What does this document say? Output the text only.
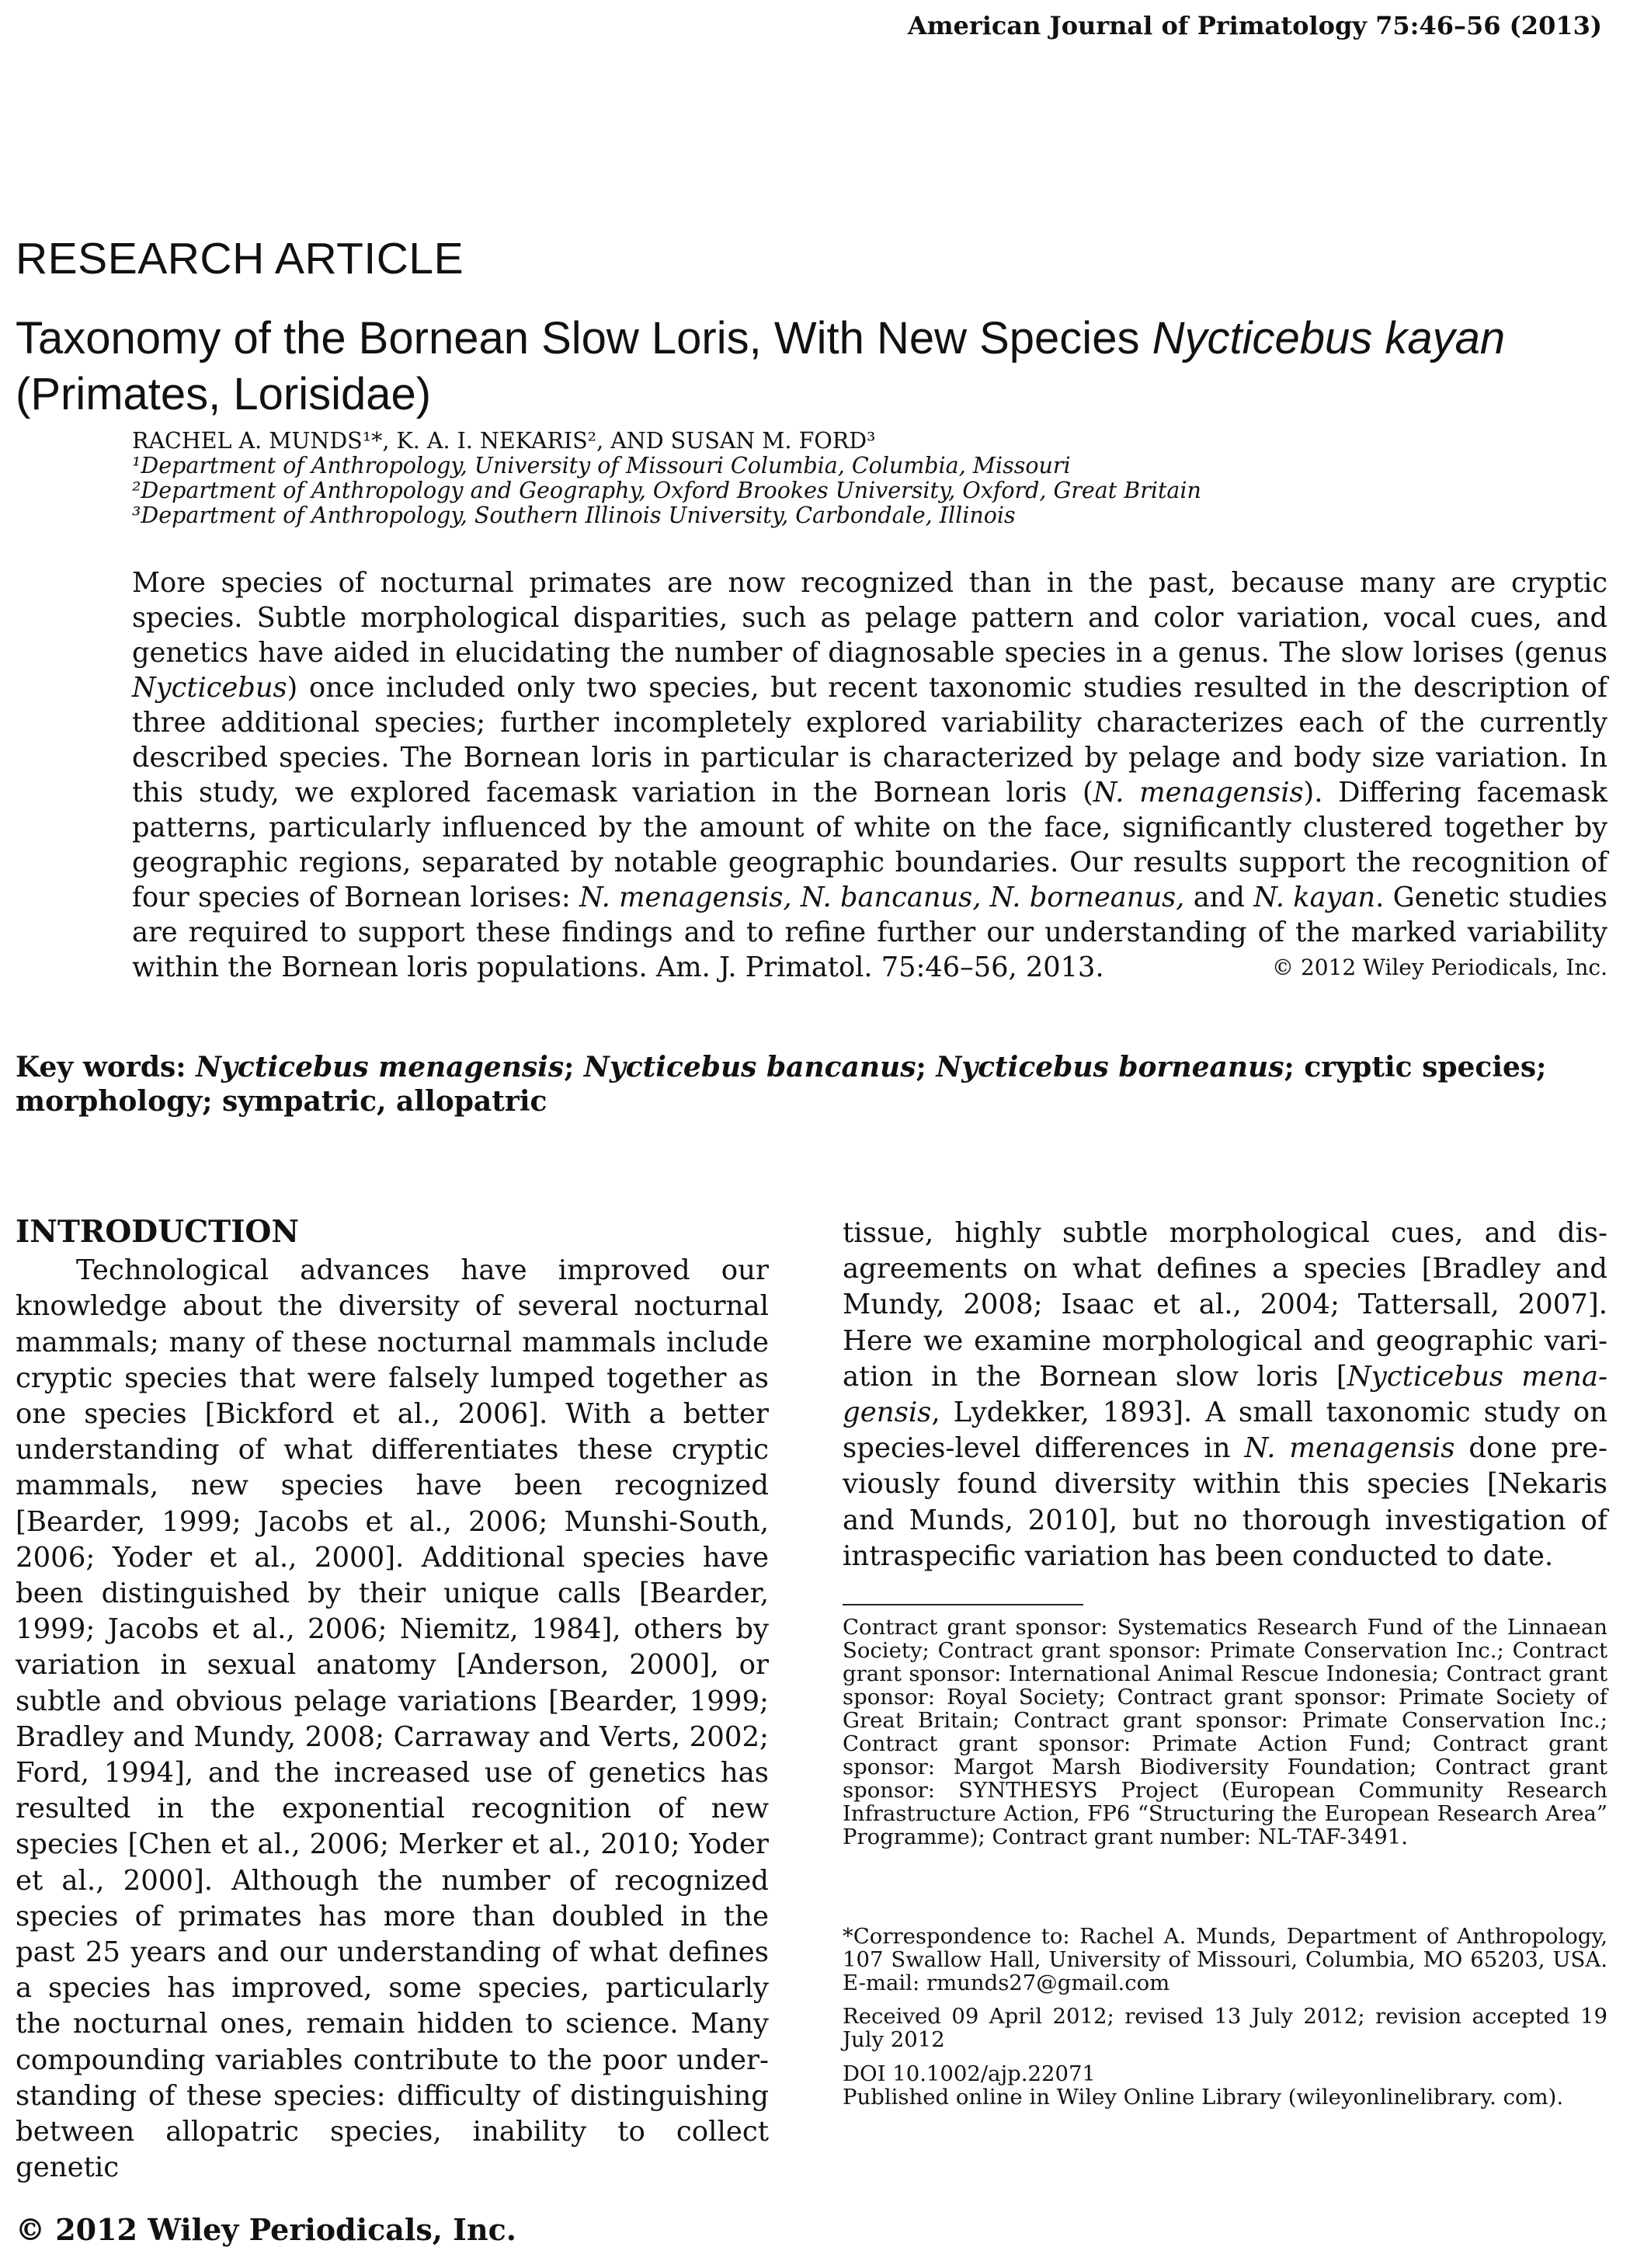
American Journal of Primatology 75:46–56 (2013)
RESEARCH ARTICLE
Taxonomy of the Bornean Slow Loris, With New Species Nycticebus kayan
(Primates, Lorisidae)
RACHEL A. MUNDS¹*, K. A. I. NEKARIS², AND SUSAN M. FORD³
¹Department of Anthropology, University of Missouri Columbia, Columbia, Missouri
²Department of Anthropology and Geography, Oxford Brookes University, Oxford, Great Britain
³Department of Anthropology, Southern Illinois University, Carbondale, Illinois
More species of nocturnal primates are now recognized than in the past, because many are cryptic species. Subtle morphological disparities, such as pelage pattern and color variation, vocal cues, and genetics have aided in elucidating the number of diagnosable species in a genus. The slow lorises (genus Nycticebus) once included only two species, but recent taxonomic studies resulted in the description of three additional species; further incompletely explored variability characterizes each of the currently described species. The Bornean loris in particular is characterized by pelage and body size variation. In this study, we explored facemask variation in the Bornean loris (N. menagensis). Differing facemask patterns, particularly influenced by the amount of white on the face, significantly clustered together by geographic regions, separated by notable geographic boundaries. Our results support the recognition of four species of Bornean lorises: N. menagensis, N. bancanus, N. borneanus, and N. kayan. Genetic studies are required to support these findings and to refine further our understanding of the marked variability within the Bornean loris populations. Am. J. Primatol. 75:46–56, 2013.	© 2012 Wiley Periodicals, Inc.
Key words: Nycticebus menagensis; Nycticebus bancanus; Nycticebus borneanus; cryptic species; morphology; sympatric, allopatric
INTRODUCTION

Technological advances have improved our knowledge about the diversity of several nocturnal mammals; many of these nocturnal mammals include cryptic species that were falsely lumped together as one species [Bickford et al., 2006]. With a better understanding of what differentiates these cryptic mammals, new species have been recognized [Bearder, 1999; Jacobs et al., 2006; Munshi-South, 2006; Yoder et al., 2000]. Additional species have been distinguished by their unique calls [Bearder, 1999; Jacobs et al., 2006; Niemitz, 1984], others by variation in sexual anatomy [Anderson, 2000], or subtle and obvious pelage variations [Bearder, 1999; Bradley and Mundy, 2008; Carraway and Verts, 2002; Ford, 1994], and the increased use of genetics has resulted in the exponential recognition of new species [Chen et al., 2006; Merker et al., 2010; Yoder et al., 2000]. Although the number of recognized species of primates has more than doubled in the past 25 years and our understanding of what defines a species has improved, some species, particularly the nocturnal ones, remain hidden to science. Many compounding variables contribute to the poor understanding of these species: difficulty of distinguishing between allopatric species, inability to collect genetic

tissue, highly subtle morphological cues, and disagreements on what defines a species [Bradley and Mundy, 2008; Isaac et al., 2004; Tattersall, 2007]. Here we examine morphological and geographic variation in the Bornean slow loris [Nycticebus menagensis, Lydekker, 1893]. A small taxonomic study on species-level differences in N. menagensis done previously found diversity within this species [Nekaris and Munds, 2010], but no thorough investigation of intraspecific variation has been conducted to date.

Contract grant sponsor: Systematics Research Fund of the Linnaean Society; Contract grant sponsor: Primate Conservation Inc.; Contract grant sponsor: International Animal Rescue Indonesia; Contract grant sponsor: Royal Society; Contract grant sponsor: Primate Society of Great Britain; Contract grant sponsor: Primate Conservation Inc.; Contract grant sponsor: Primate Action Fund; Contract grant sponsor: Margot Marsh Biodiversity Foundation; Contract grant sponsor: SYNTHESYS Project (European Community Research Infrastructure Action, FP6 “Structuring the European Research Area” Programme); Contract grant number: NL-TAF-3491.

*Correspondence to: Rachel A. Munds, Department of Anthropology, 107 Swallow Hall, University of Missouri, Columbia, MO 65203, USA. E-mail: rmunds27@gmail.com

Received 09 April 2012; revised 13 July 2012; revision accepted 19 July 2012

DOI 10.1002/ajp.22071

Published online in Wiley Online Library (wileyonlinelibrary. com).

© 2012 Wiley Periodicals, Inc.
